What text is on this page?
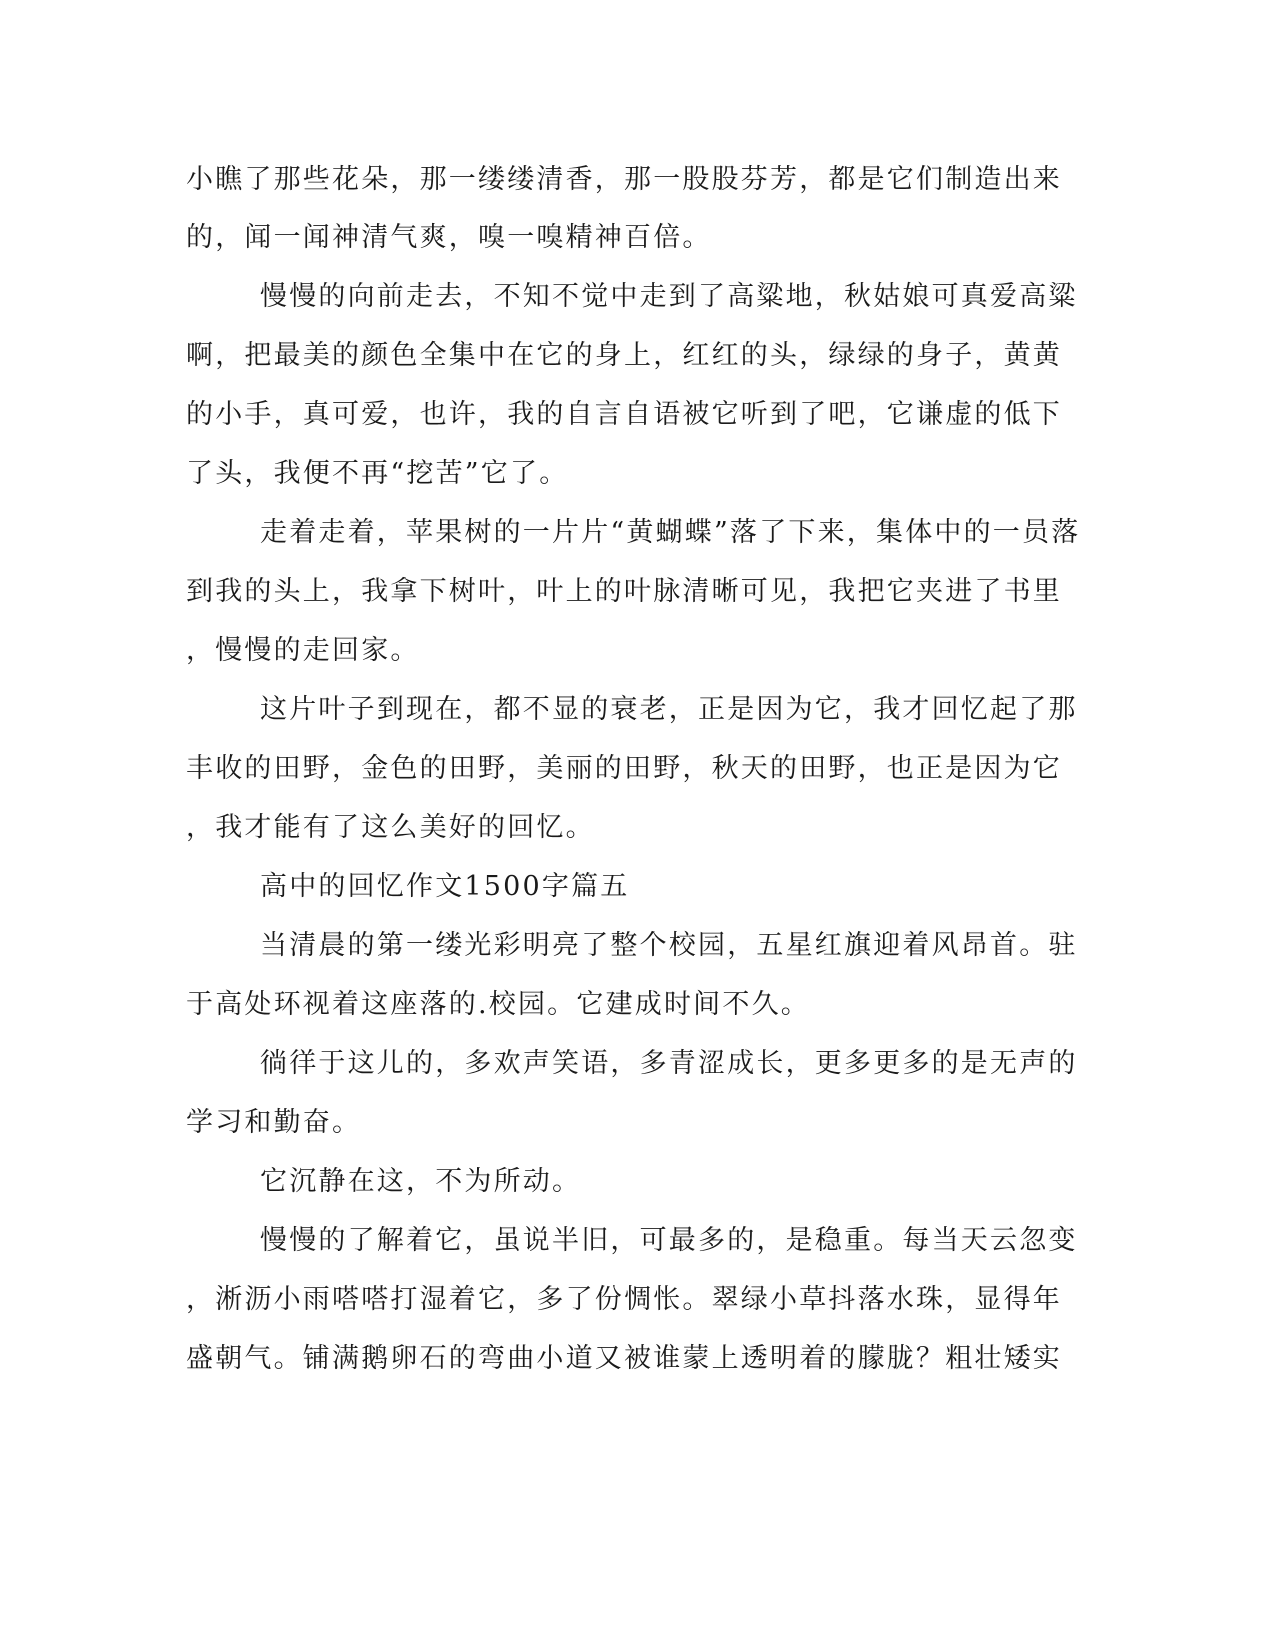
小瞧了那些花朵，那一缕缕清香，那一股股芬芳，都是它们制造出来
的，闻一闻神清气爽，嗅一嗅精神百倍。
慢慢的向前走去，不知不觉中走到了高粱地，秋姑娘可真爱高粱
啊，把最美的颜色全集中在它的身上，红红的头，绿绿的身子，黄黄
的小手，真可爱，也许，我的自言自语被它听到了吧，它谦虚的低下
了头，我便不再“挖苦”它了。
走着走着，苹果树的一片片“黄蝴蝶”落了下来，集体中的一员落
到我的头上，我拿下树叶，叶上的叶脉清晰可见，我把它夹进了书里
，慢慢的走回家。
这片叶子到现在，都不显的衰老，正是因为它，我才回忆起了那
丰收的田野，金色的田野，美丽的田野，秋天的田野，也正是因为它
，我才能有了这么美好的回忆。
高中的回忆作文1500字篇五
当清晨的第一缕光彩明亮了整个校园，五星红旗迎着风昂首。驻
于高处环视着这座落的.校园。它建成时间不久。
徜徉于这儿的，多欢声笑语，多青涩成长，更多更多的是无声的
学习和勤奋。
它沉静在这，不为所动。
慢慢的了解着它，虽说半旧，可最多的，是稳重。每当天云忽变
，淅沥小雨嗒嗒打湿着它，多了份惆怅。翠绿小草抖落水珠，显得年
盛朝气。铺满鹅卵石的弯曲小道又被谁蒙上透明着的朦胧？粗壮矮实
